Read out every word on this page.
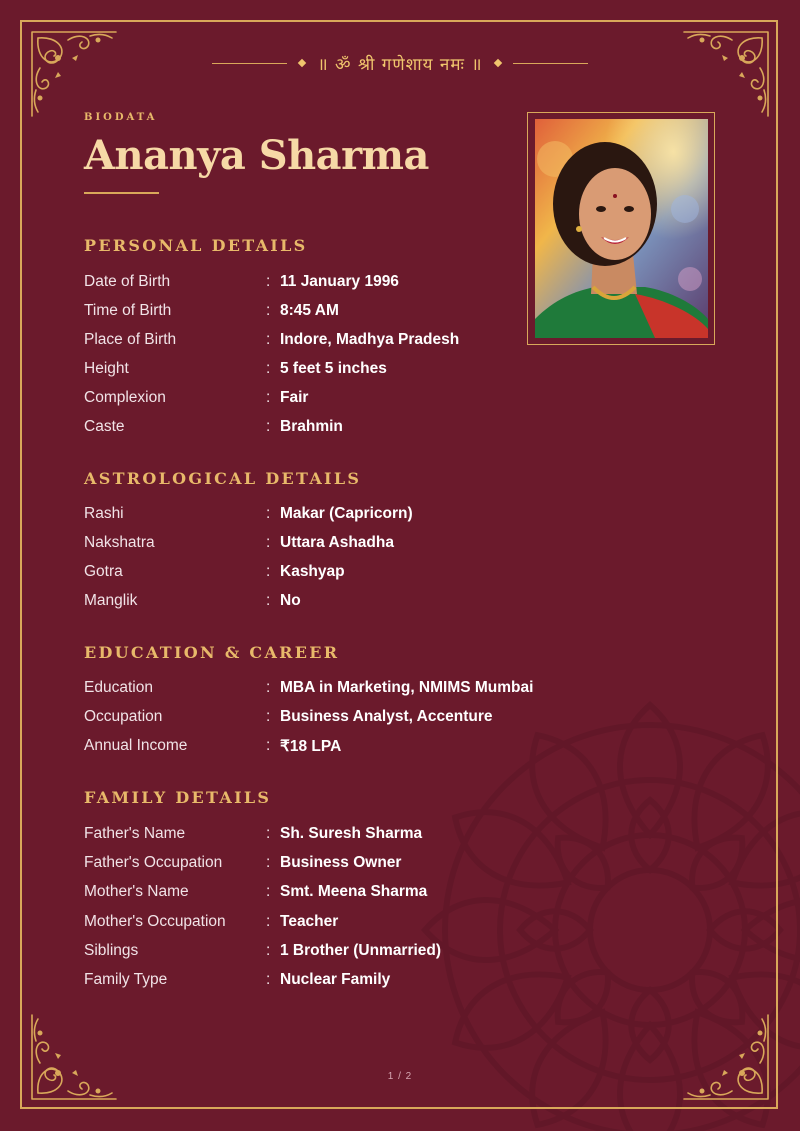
॥ ॐ श्री गणेशाय नमः ॥
BIODATA
Ananya Sharma
PERSONAL DETAILS
Date of Birth	: 11 January 1996
Time of Birth	: 8:45 AM
Place of Birth	: Indore, Madhya Pradesh
Height	: 5 feet 5 inches
Complexion	: Fair
Caste	: Brahmin
ASTROLOGICAL DETAILS
Rashi	: Makar (Capricorn)
Nakshatra	: Uttara Ashadha
Gotra	: Kashyap
Manglik	: No
EDUCATION & CAREER
Education	: MBA in Marketing, NMIMS Mumbai
Occupation	: Business Analyst, Accenture
Annual Income	: ₹18 LPA
FAMILY DETAILS
Father's Name	: Sh. Suresh Sharma
Father's Occupation	: Business Owner
Mother's Name	: Smt. Meena Sharma
Mother's Occupation	: Teacher
Siblings	: 1 Brother (Unmarried)
Family Type	: Nuclear Family
1 / 2
